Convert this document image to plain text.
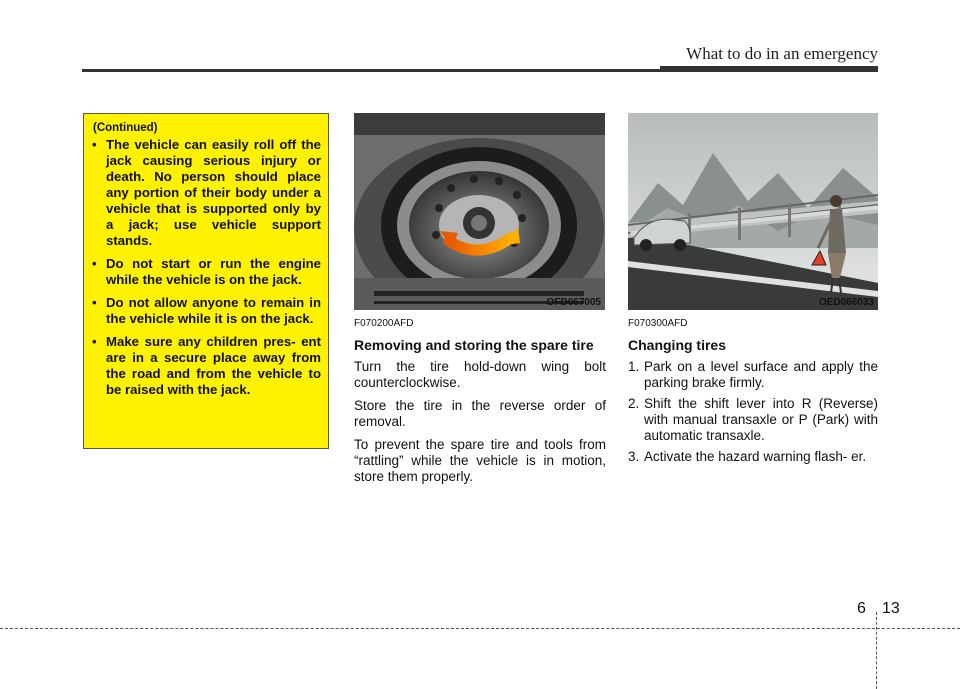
What to do in an emergency
(Continued)
• The vehicle can easily roll off the jack causing serious injury or death. No person should place any portion of their body under a vehicle that is supported only by a jack; use vehicle support stands.
• Do not start or run the engine while the vehicle is on the jack.
• Do not allow anyone to remain in the vehicle while it is on the jack.
• Make sure any children pres- ent are in a secure place away from the road and from the vehicle to be raised with the jack.
OFD067005	OED066033
F070200AFD
Removing and storing the spare tire

Turn the tire hold-down wing bolt counterclockwise.

Store the tire in the reverse order of removal.

To prevent the spare tire and tools from “rattling” while the vehicle is in motion, store them properly.

F070300AFD
Changing tires
1. Park on a level surface and apply the parking brake firmly.
2. Shift the shift lever into R (Reverse) with manual transaxle or P (Park) with automatic transaxle.
3. Activate the hazard warning flash- er.
6 13
